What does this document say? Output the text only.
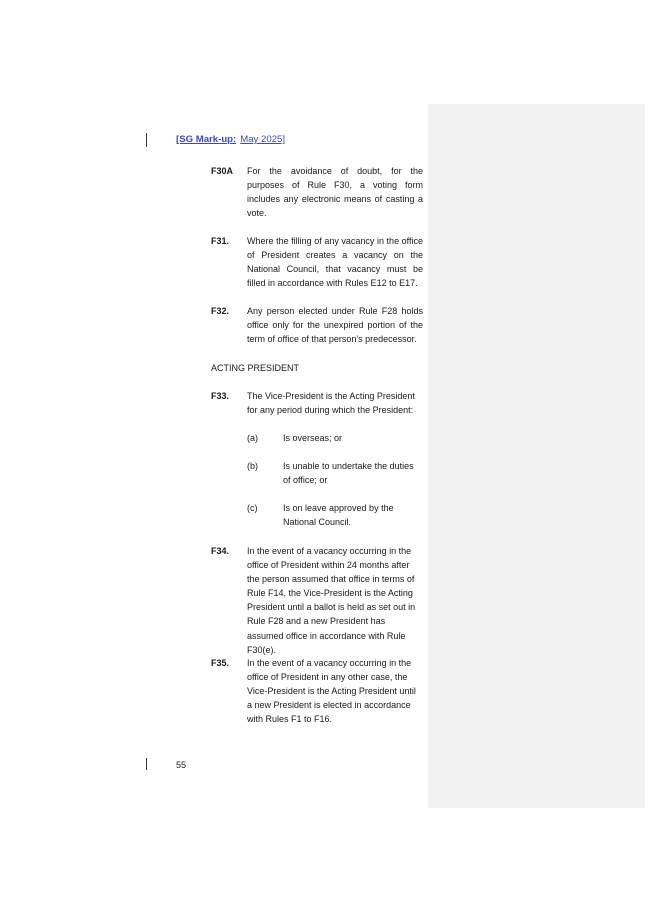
[SG Mark-up: May 2025]
F30A For the avoidance of doubt, for the purposes of Rule F30, a voting form includes any electronic means of casting a vote.
F31. Where the filling of any vacancy in the office of President creates a vacancy on the National Council, that vacancy must be filled in accordance with Rules E12 to E17.
F32. Any person elected under Rule F28 holds office only for the unexpired portion of the term of office of that person's predecessor.
ACTING PRESIDENT
F33. The Vice-President is the Acting President for any period during which the President:
(a)	Is overseas; or
(b)	Is unable to undertake the duties of office; or
(c)	Is on leave approved by the National Council.
F34. In the event of a vacancy occurring in the office of President within 24 months after the person assumed that office in terms of Rule F14, the Vice-President is the Acting President until a ballot is held as set out in Rule F28 and a new President has assumed office in accordance with Rule F30(e).
F35. In the event of a vacancy occurring in the office of President in any other case, the Vice-President is the Acting President until a new President is elected in accordance with Rules F1 to F16.
55
